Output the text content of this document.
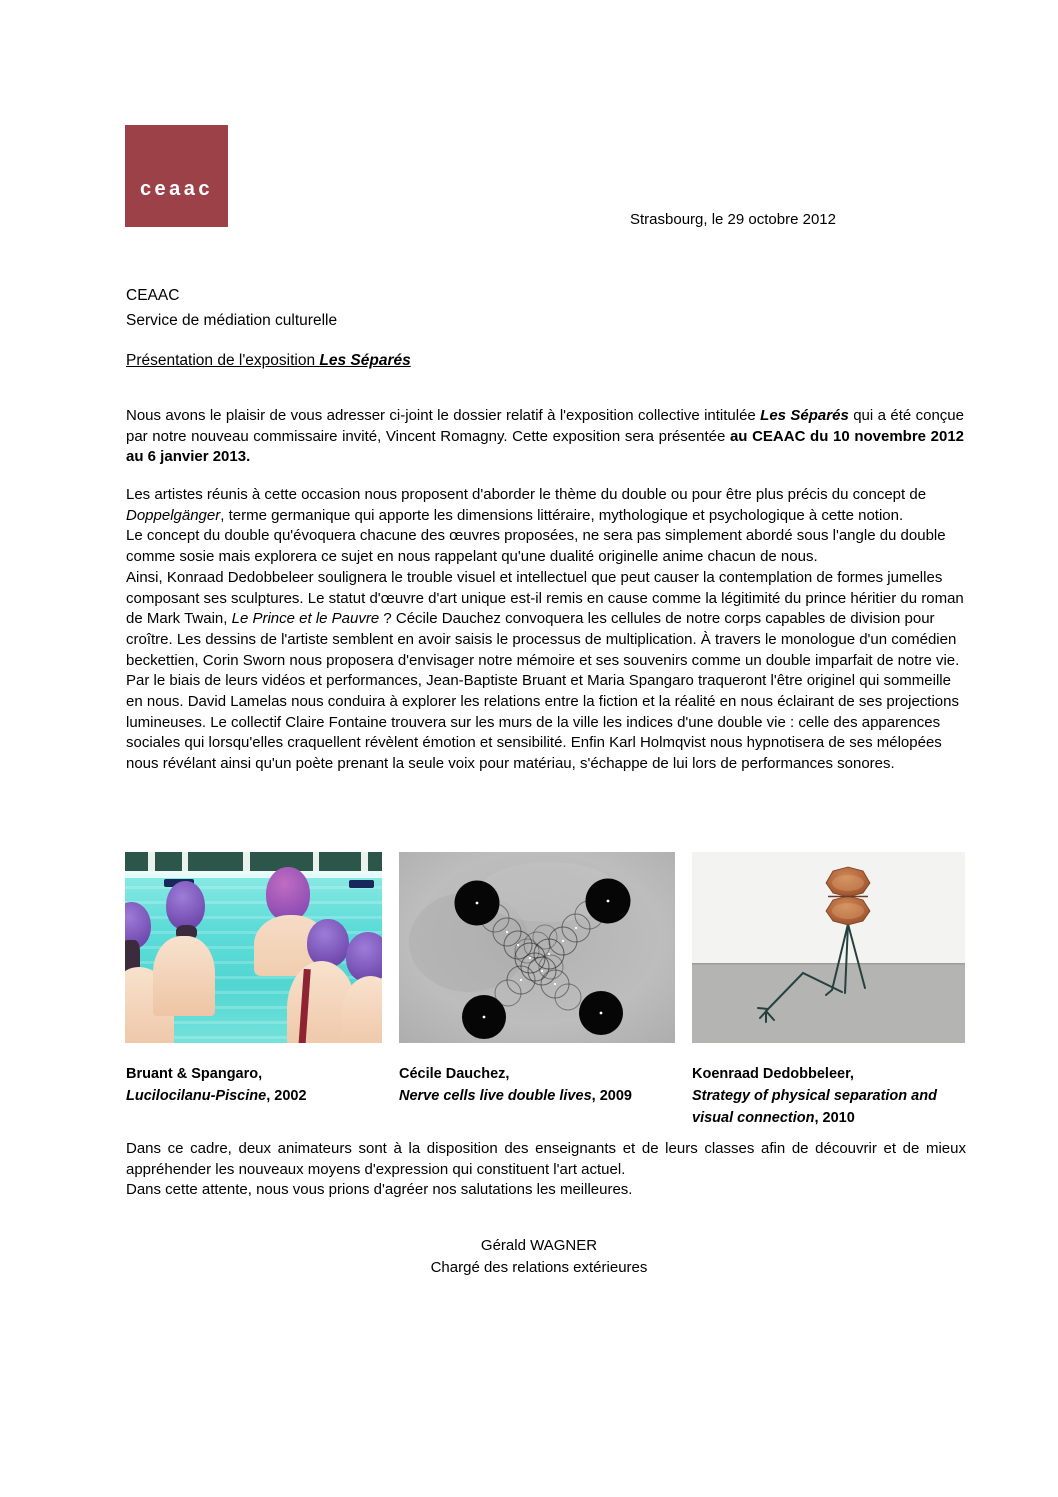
ceaac
Strasbourg, le 29 octobre 2012
CEAAC
Service de médiation culturelle
Présentation de l'exposition Les Séparés
Nous avons le plaisir de vous adresser ci-joint le dossier relatif à l'exposition collective intitulée Les Séparés qui a été conçue par notre nouveau commissaire invité, Vincent Romagny. Cette exposition sera présentée au CEAAC du 10 novembre 2012 au 6 janvier 2013.

Les artistes réunis à cette occasion nous proposent d'aborder le thème du double ou pour être plus précis du concept de Doppelgänger, terme germanique qui apporte les dimensions littéraire, mythologique et psychologique à cette notion.

Le concept du double qu'évoquera chacune des œuvres proposées, ne sera pas simplement abordé sous l'angle du double comme sosie mais explorera ce sujet en nous rappelant qu'une dualité originelle anime chacun de nous.

Ainsi, Konraad Dedobbeleer soulignera le trouble visuel et intellectuel que peut causer la contemplation de formes jumelles composant ses sculptures. Le statut d'œuvre d'art unique est-il remis en cause comme la légitimité du prince héritier du roman de Mark Twain, Le Prince et le Pauvre ? Cécile Dauchez convoquera les cellules de notre corps capables de division pour croître. Les dessins de l'artiste semblent en avoir saisis le processus de multiplication. À travers le monologue d'un comédien beckettien, Corin Sworn nous proposera d'envisager notre mémoire et ses souvenirs comme un double imparfait de notre vie. Par le biais de leurs vidéos et performances, Jean-Baptiste Bruant et Maria Spangaro traqueront l'être originel qui sommeille en nous. David Lamelas nous conduira à explorer les relations entre la fiction et la réalité en nous éclairant de ses projections lumineuses. Le collectif Claire Fontaine trouvera sur les murs de la ville les indices d'une double vie : celle des apparences sociales qui lorsqu'elles craquellent révèlent émotion et sensibilité. Enfin Karl Holmqvist nous hypnotisera de ses mélopées nous révélant ainsi qu'un poète prenant la seule voix pour matériau, s'échappe de lui lors de performances sonores.

Bruant & Spangaro,
Lucilocilanu-Piscine, 2002
Cécile Dauchez,
Nerve cells live double lives, 2009
Koenraad Dedobbeleer,
Strategy of physical separation and visual connection, 2010

Dans ce cadre, deux animateurs sont à la disposition des enseignants et de leurs classes afin de découvrir et de mieux appréhender les nouveaux moyens d'expression qui constituent l'art actuel.

Dans cette attente, nous vous prions d'agréer nos salutations les meilleures.

Gérald WAGNER
Chargé des relations extérieures
